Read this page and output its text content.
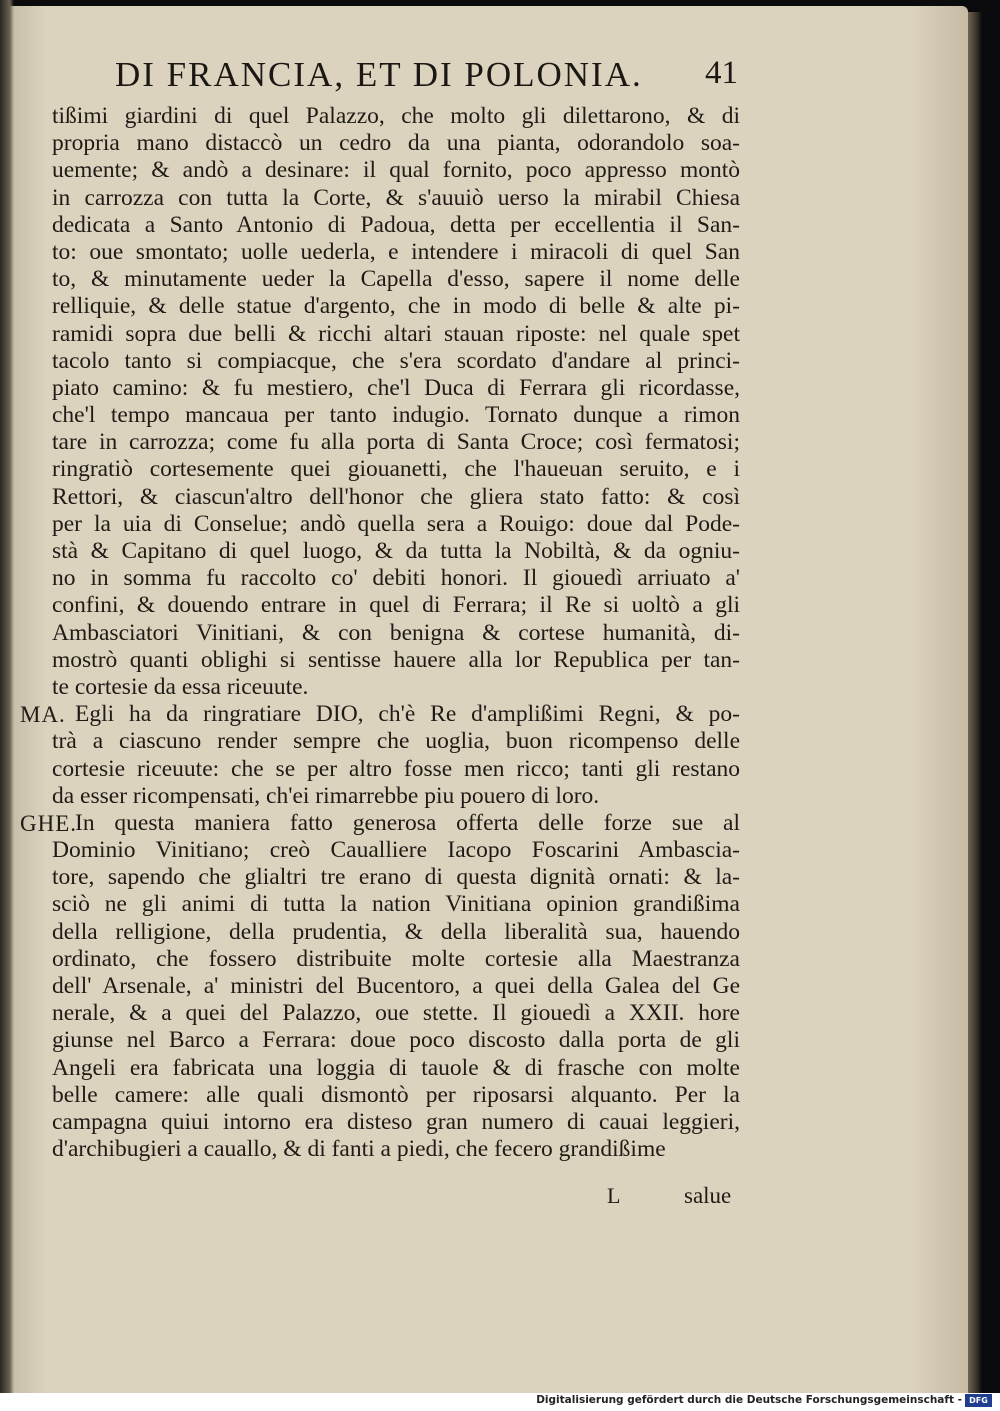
DI FRANCIA, ET DI POLONIA. 41
tißimi giardini di quel Palazzo, che molto gli dilettarono, & di
propria mano distaccò un cedro da una pianta, odorandolo soa-
uemente; & andò a desinare: il qual fornito, poco appresso montò
in carrozza con tutta la Corte, & s'auuiò uerso la mirabil Chiesa
dedicata a Santo Antonio di Padoua, detta per eccellentia il San-
to: oue smontato; uolle uederla, e intendere i miracoli di quel San
to, & minutamente ueder la Capella d'esso, sapere il nome delle
relliquie, & delle statue d'argento, che in modo di belle & alte pi-
ramidi sopra due belli & ricchi altari stauan riposte: nel quale spet
tacolo tanto si compiacque, che s'era scordato d'andare al princi-
piato camino: & fu mestiero, che'l Duca di Ferrara gli ricordasse,
che'l tempo mancaua per tanto indugio. Tornato dunque a rimon
tare in carrozza; come fu alla porta di Santa Croce; così fermatosi;
ringratiò cortesemente quei giouanetti, che l'haueuan seruito, e i
Rettori, & ciascun'altro dell'honor che gliera stato fatto: & così
per la uia di Conselue; andò quella sera a Rouigo: doue dal Pode-
stà & Capitano di quel luogo, & da tutta la Nobiltà, & da ogniu-
no in somma fu raccolto co' debiti honori. Il giouedì arriuato a'
confini, & douendo entrare in quel di Ferrara; il Re si uoltò a gli
Ambasciatori Vinitiani, & con benigna & cortese humanità, di-
mostrò quanti oblighi si sentisse hauere alla lor Republica per tan-
te cortesie da essa riceuute.
MA. Egli ha da ringratiare DIO, ch'è Re d'amplißimi Regni, & po-
trà a ciascuno render sempre che uoglia, buon ricompenso delle
cortesie riceuute: che se per altro fosse men ricco; tanti gli restano
da esser ricompensati, ch'ei rimarrebbe piu pouero di loro.
GHE.
In questa maniera fatto generosa offerta delle forze sue al
Dominio Vinitiano; creò Caualliere Iacopo Foscarini Ambascia-
tore, sapendo che glialtri tre erano di questa dignità ornati: & la-
sciò ne gli animi di tutta la nation Vinitiana opinion grandißima
della relligione, della prudentia, & della liberalità sua, hauendo
ordinato, che fossero distribuite molte cortesie alla Maestranza
dell' Arsenale, a' ministri del Bucentoro, a quei della Galea del Ge
nerale, & a quei del Palazzo, oue stette. Il giouedì a XXII. hore
giunse nel Barco a Ferrara: doue poco discosto dalla porta de gli
Angeli era fabricata una loggia di tauole & di frasche con molte
belle camere: alle quali dismontò per riposarsi alquanto. Per la
campagna quiui intorno era disteso gran numero di cauai leggieri,
d'archibugieri a cauallo, & di fanti a piedi, che fecero grandißime
L	salue
Digitalisierung gefördert durch die Deutsche Forschungsgemeinschaft - DFG
